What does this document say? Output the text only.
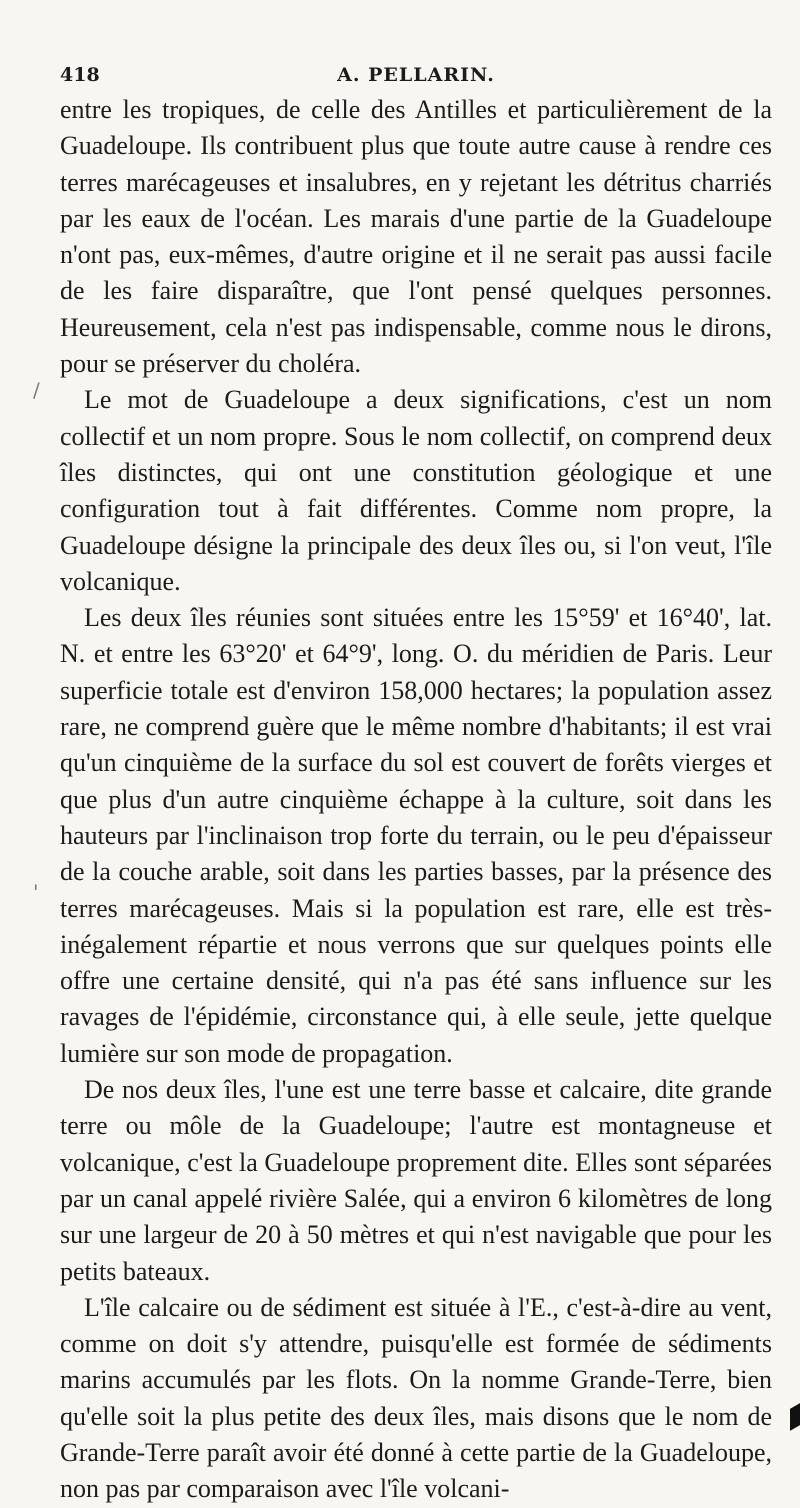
418	A. PELLARIN.

entre les tropiques, de celle des Antilles et particulièrement de la Guadeloupe. Ils contribuent plus que toute autre cause à rendre ces terres marécageuses et insalubres, en y rejetant les détritus charriés par les eaux de l'océan. Les marais d'une partie de la Guadeloupe n'ont pas, eux-mêmes, d'autre origine et il ne serait pas aussi facile de les faire disparaître, que l'ont pensé quelques personnes. Heureusement, cela n'est pas indispensable, comme nous le dirons, pour se préserver du choléra.

Le mot de Guadeloupe a deux significations, c'est un nom collectif et un nom propre. Sous le nom collectif, on comprend deux îles distinctes, qui ont une constitution géologique et une configuration tout à fait différentes. Comme nom propre, la Guadeloupe désigne la principale des deux îles ou, si l'on veut, l'île volcanique.

Les deux îles réunies sont situées entre les 15°59' et 16°40', lat. N. et entre les 63°20' et 64°9', long. O. du méridien de Paris. Leur superficie totale est d'environ 158,000 hectares; la population assez rare, ne comprend guère que le même nombre d'habitants; il est vrai qu'un cinquième de la surface du sol est couvert de forêts vierges et que plus d'un autre cinquième échappe à la culture, soit dans les hauteurs par l'inclinaison trop forte du terrain, ou le peu d'épaisseur de la couche arable, soit dans les parties basses, par la présence des terres marécageuses. Mais si la population est rare, elle est très-inégalement répartie et nous verrons que sur quelques points elle offre une certaine densité, qui n'a pas été sans influence sur les ravages de l'épidémie, circonstance qui, à elle seule, jette quelque lumière sur son mode de propagation.

De nos deux îles, l'une est une terre basse et calcaire, dite grande terre ou môle de la Guadeloupe; l'autre est montagneuse et volcanique, c'est la Guadeloupe proprement dite. Elles sont séparées par un canal appelé rivière Salée, qui a environ 6 kilomètres de long sur une largeur de 20 à 50 mètres et qui n'est navigable que pour les petits bateaux.

L'île calcaire ou de sédiment est située à l'E., c'est-à-dire au vent, comme on doit s'y attendre, puisqu'elle est formée de sédiments marins accumulés par les flots. On la nomme Grande-Terre, bien qu'elle soit la plus petite des deux îles, mais disons que le nom de Grande-Terre paraît avoir été donné à cette partie de la Guadeloupe, non pas par comparaison avec l'île volcani-

/
'
